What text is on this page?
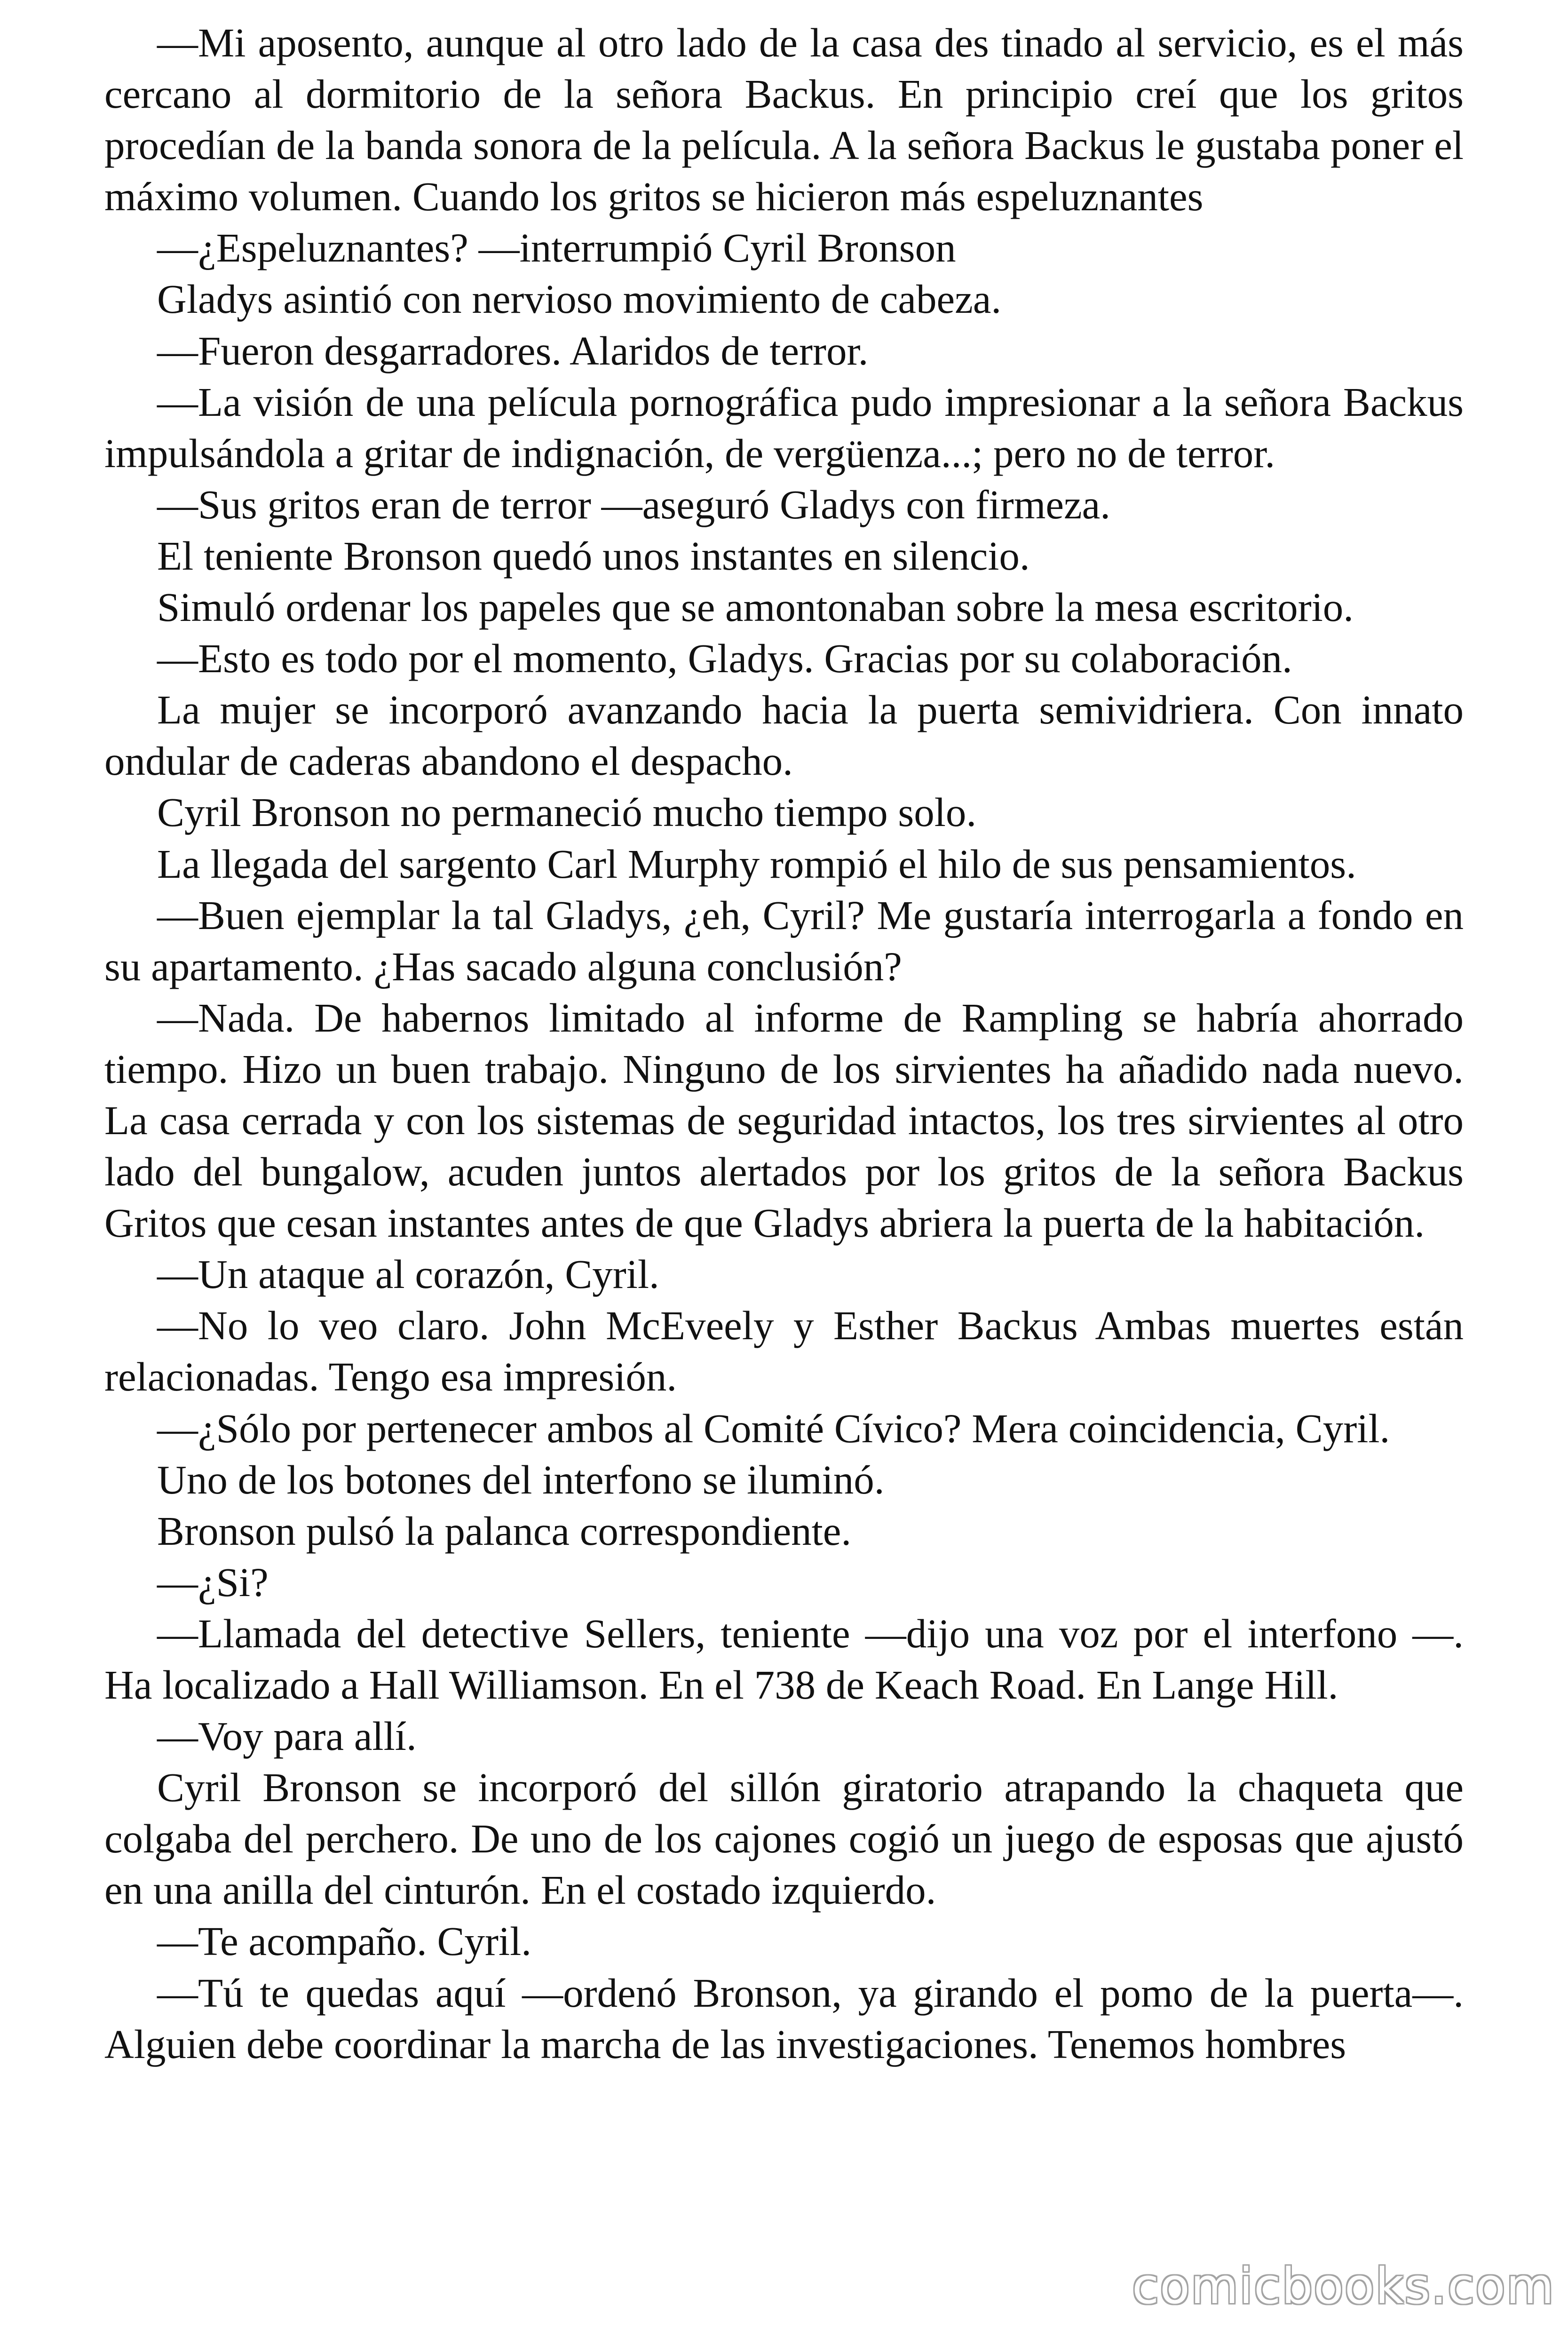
—Mi aposento, aunque al otro lado de la casa des tinado al servicio, es el más cercano al dormitorio de la señora Backus. En principio creí que los gritos procedían de la banda sonora de la película. A la señora Backus le gustaba poner el máximo volumen. Cuando los gritos se hicieron más espeluznantes

—¿Espeluznantes? —interrumpió Cyril Bronson

Gladys asintió con nervioso movimiento de cabeza.

—Fueron desgarradores. Alaridos de terror.

—La visión de una película pornográfica pudo impresionar a la señora Backus impulsándola a gritar de indignación, de vergüenza...; pero no de terror.

—Sus gritos eran de terror —aseguró Gladys con firmeza.

El teniente Bronson quedó unos instantes en silencio.

Simuló ordenar los papeles que se amontonaban sobre la mesa escritorio.

—Esto es todo por el momento, Gladys. Gracias por su colaboración.

La mujer se incorporó avanzando hacia la puerta semividriera. Con innato ondular de caderas abandono el despacho.

Cyril Bronson no permaneció mucho tiempo solo.

La llegada del sargento Carl Murphy rompió el hilo de sus pensamientos.

—Buen ejemplar la tal Gladys, ¿eh, Cyril? Me gustaría interrogarla a fondo en su apartamento. ¿Has sacado alguna conclusión?

—Nada. De habernos limitado al informe de Rampling se habría ahorrado tiempo. Hizo un buen trabajo. Ninguno de los sirvientes ha añadido nada nuevo. La casa cerrada y con los sistemas de seguridad intactos, los tres sirvientes al otro lado del bungalow, acuden juntos alertados por los gritos de la señora Backus Gritos que cesan instantes antes de que Gladys abriera la puerta de la habitación.

—Un ataque al corazón, Cyril.

—No lo veo claro. John McEveely y Esther Backus Ambas muertes están relacionadas. Tengo esa impresión.

—¿Sólo por pertenecer ambos al Comité Cívico? Mera coincidencia, Cyril.

Uno de los botones del interfono se iluminó.

Bronson pulsó la palanca correspondiente.

—¿Si?

—Llamada del detective Sellers, teniente —dijo una voz por el interfono —. Ha localizado a Hall Williamson. En el 738 de Keach Road. En Lange Hill.

—Voy para allí.

Cyril Bronson se incorporó del sillón giratorio atrapando la chaqueta que colgaba del perchero. De uno de los cajones cogió un juego de esposas que ajustó en una anilla del cinturón. En el costado izquierdo.

—Te acompaño. Cyril.

—Tú te quedas aquí —ordenó Bronson, ya girando el pomo de la puerta—. Alguien debe coordinar la marcha de las investigaciones. Tenemos hombres

comicbooks.com
